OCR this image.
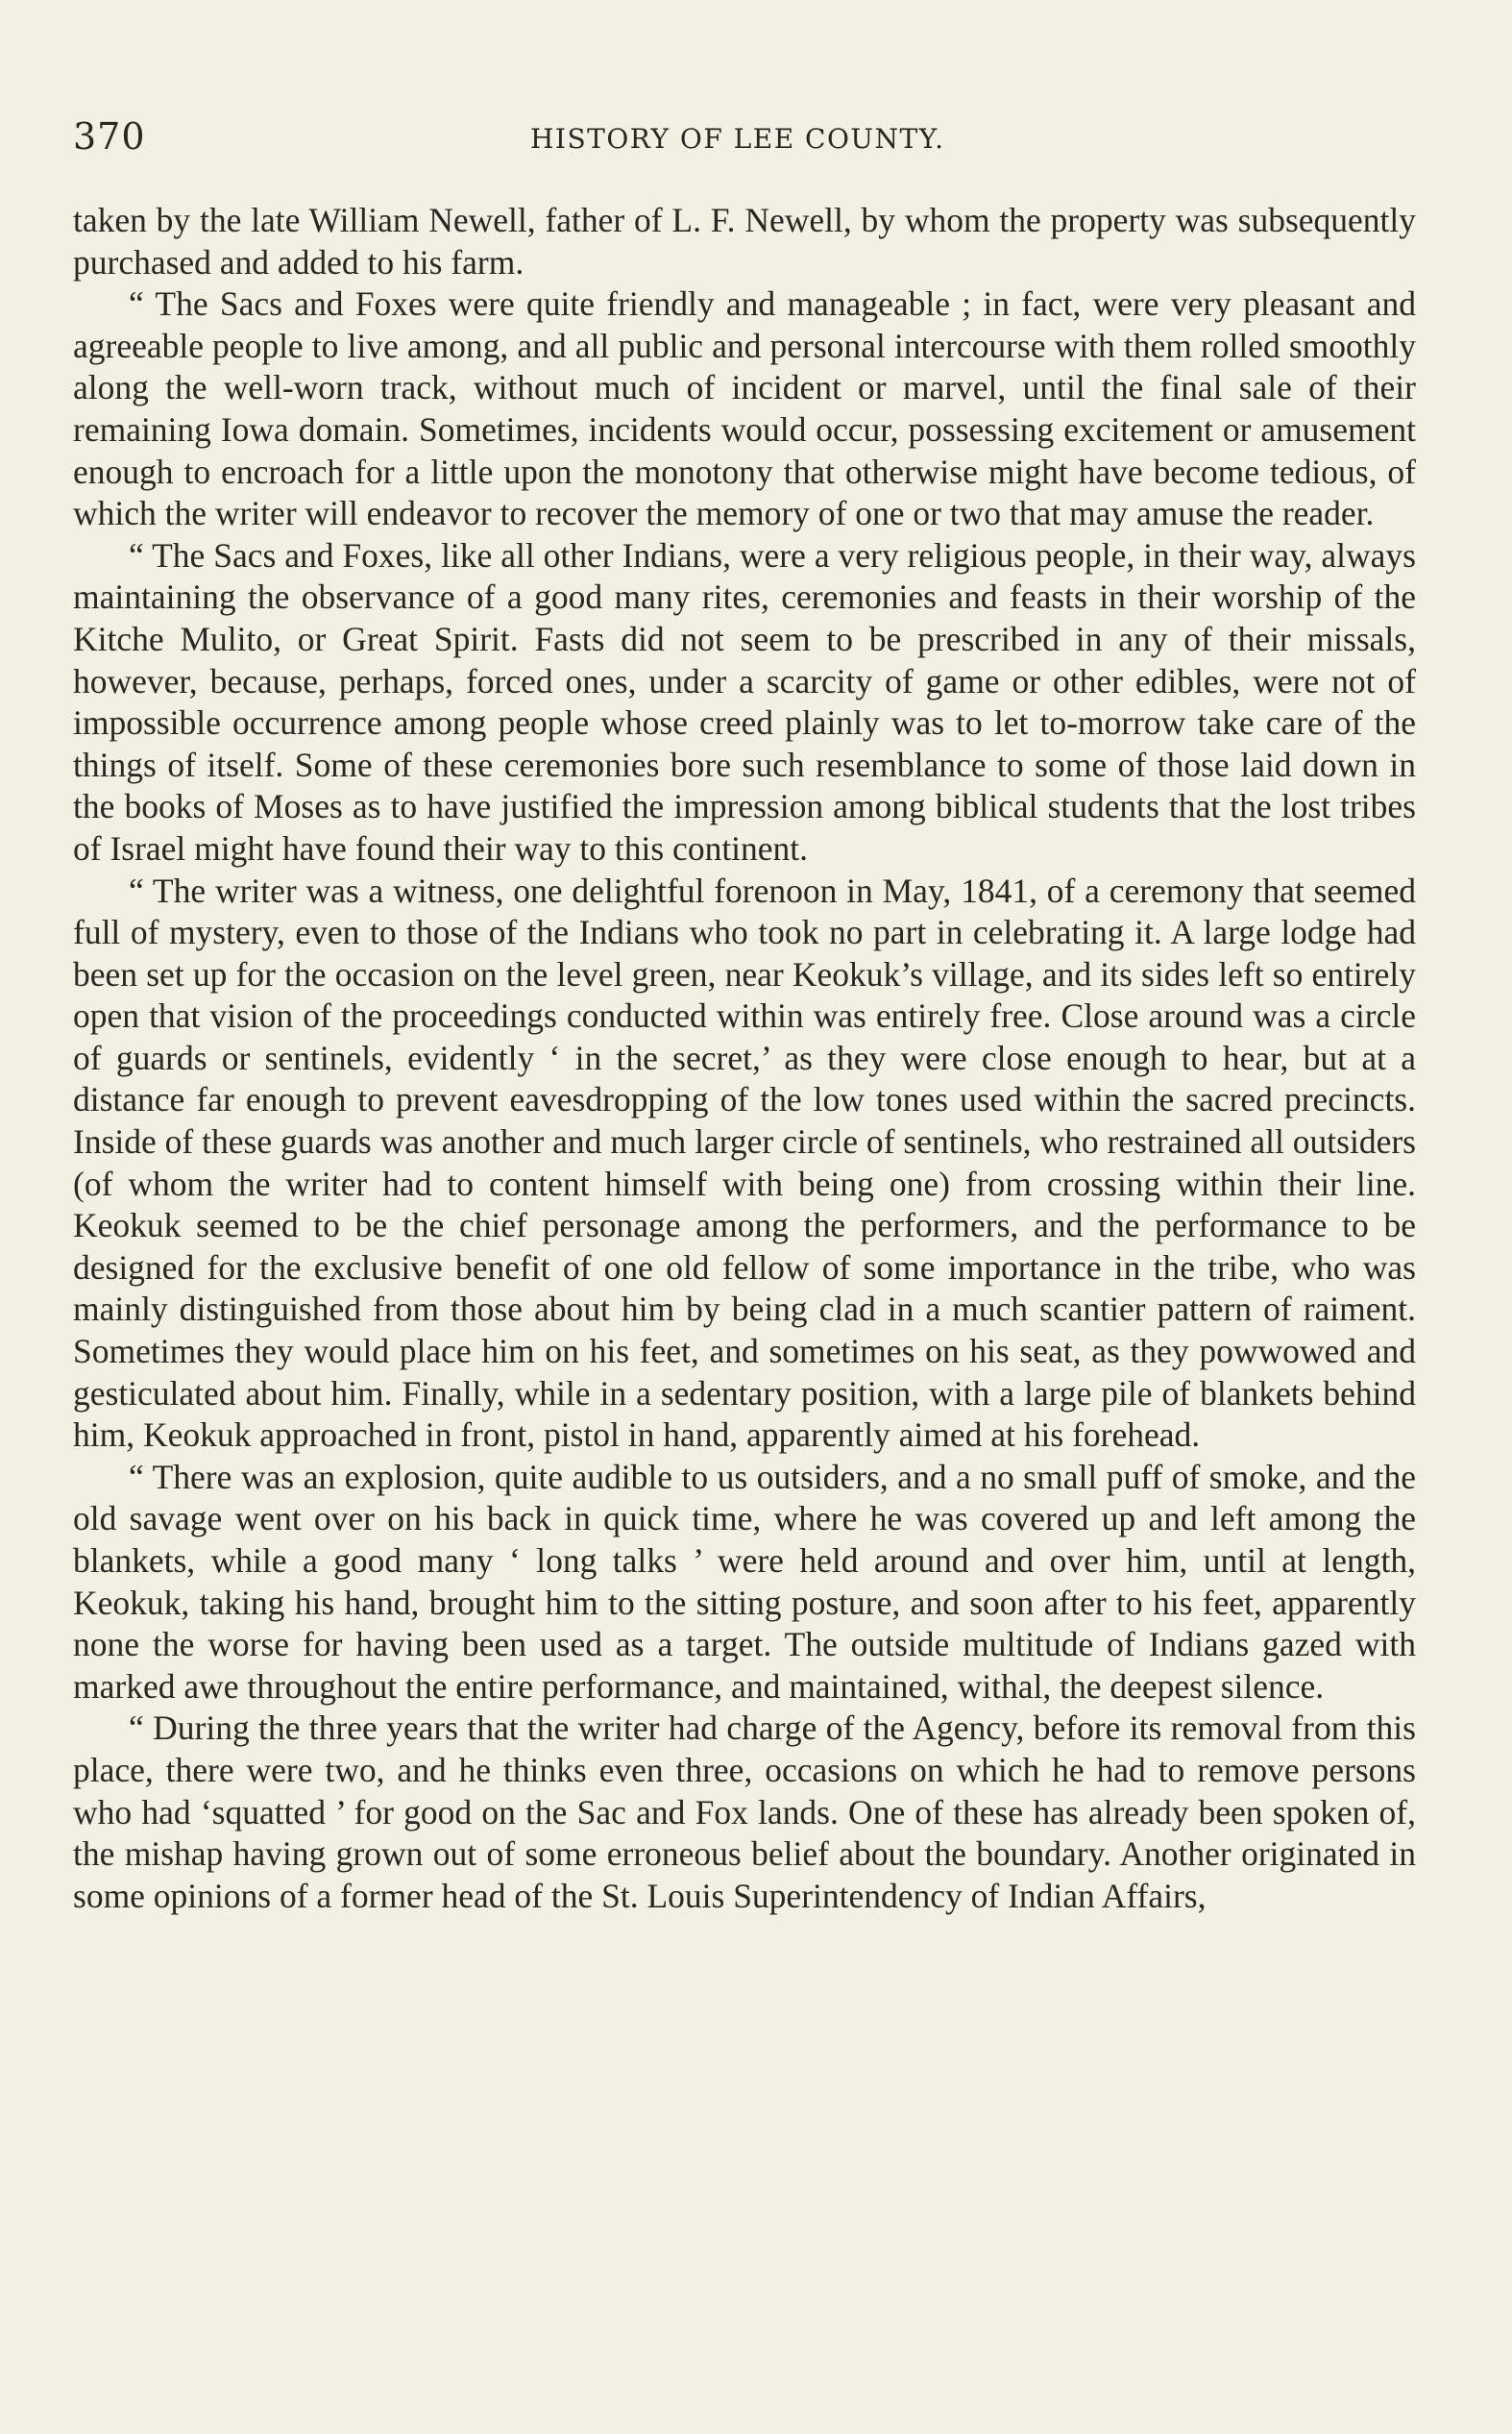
370	HISTORY OF LEE COUNTY.

taken by the late William Newell, father of L. F. Newell, by whom the property was subsequently purchased and added to his farm.

“ The Sacs and Foxes were quite friendly and manageable ; in fact, were very pleasant and agreeable people to live among, and all public and personal intercourse with them rolled smoothly along the well-worn track, without much of incident or marvel, until the final sale of their remaining Iowa domain. Sometimes, incidents would occur, possessing excitement or amusement enough to encroach for a little upon the monotony that otherwise might have become tedious, of which the writer will endeavor to recover the memory of one or two that may amuse the reader.

“ The Sacs and Foxes, like all other Indians, were a very religious people, in their way, always maintaining the observance of a good many rites, ceremonies and feasts in their worship of the Kitche Mulito, or Great Spirit. Fasts did not seem to be prescribed in any of their missals, however, because, perhaps, forced ones, under a scarcity of game or other edibles, were not of impossible occurrence among people whose creed plainly was to let to-morrow take care of the things of itself. Some of these ceremonies bore such resemblance to some of those laid down in the books of Moses as to have justified the impression among biblical students that the lost tribes of Israel might have found their way to this continent.

“ The writer was a witness, one delightful forenoon in May, 1841, of a ceremony that seemed full of mystery, even to those of the Indians who took no part in celebrating it. A large lodge had been set up for the occasion on the level green, near Keokuk’s village, and its sides left so entirely open that vision of the proceedings conducted within was entirely free. Close around was a circle of guards or sentinels, evidently ‘ in the secret,’ as they were close enough to hear, but at a distance far enough to prevent eavesdropping of the low tones used within the sacred precincts. Inside of these guards was another and much larger circle of sentinels, who restrained all outsiders (of whom the writer had to content himself with being one) from crossing within their line. Keokuk seemed to be the chief personage among the performers, and the performance to be designed for the exclusive benefit of one old fellow of some importance in the tribe, who was mainly distinguished from those about him by being clad in a much scantier pattern of raiment. Sometimes they would place him on his feet, and sometimes on his seat, as they powwowed and gesticulated about him. Finally, while in a sedentary position, with a large pile of blankets behind him, Keokuk approached in front, pistol in hand, apparently aimed at his forehead.

“ There was an explosion, quite audible to us outsiders, and a no small puff of smoke, and the old savage went over on his back in quick time, where he was covered up and left among the blankets, while a good many ‘ long talks ’ were held around and over him, until at length, Keokuk, taking his hand, brought him to the sitting posture, and soon after to his feet, apparently none the worse for having been used as a target. The outside multitude of Indians gazed with marked awe throughout the entire performance, and maintained, withal, the deepest silence.

“ During the three years that the writer had charge of the Agency, before its removal from this place, there were two, and he thinks even three, occasions on which he had to remove persons who had ‘squatted ’ for good on the Sac and Fox lands. One of these has already been spoken of, the mishap having grown out of some erroneous belief about the boundary. Another originated in some opinions of a former head of the St. Louis Superintendency of Indian Affairs,
